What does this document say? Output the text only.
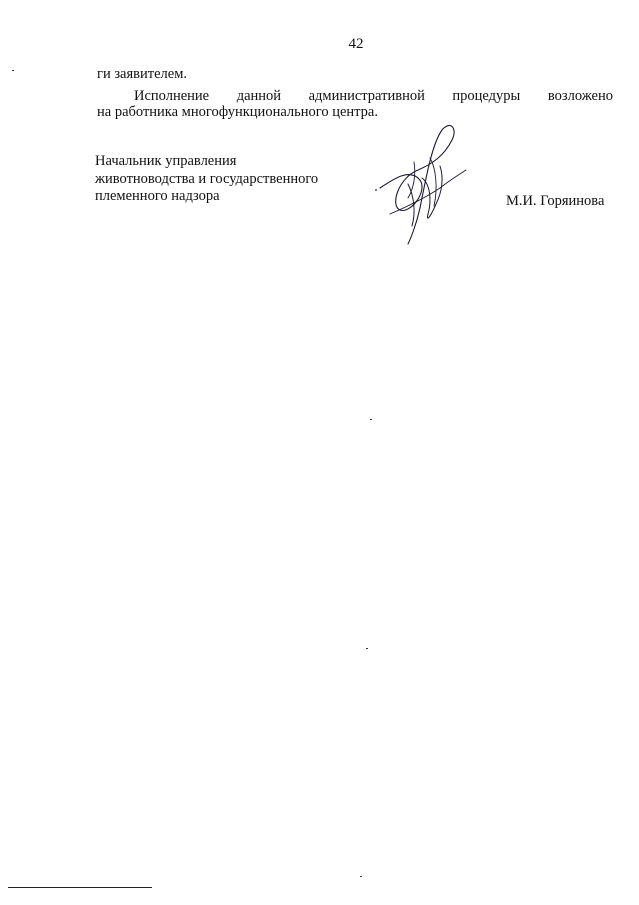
42
ги заявителем.
Исполнение данной административной процедуры возложено
на работника многофункционального центра.
Начальник управления
животноводства и государственного
племенного надзора	М.И. Горяинова
